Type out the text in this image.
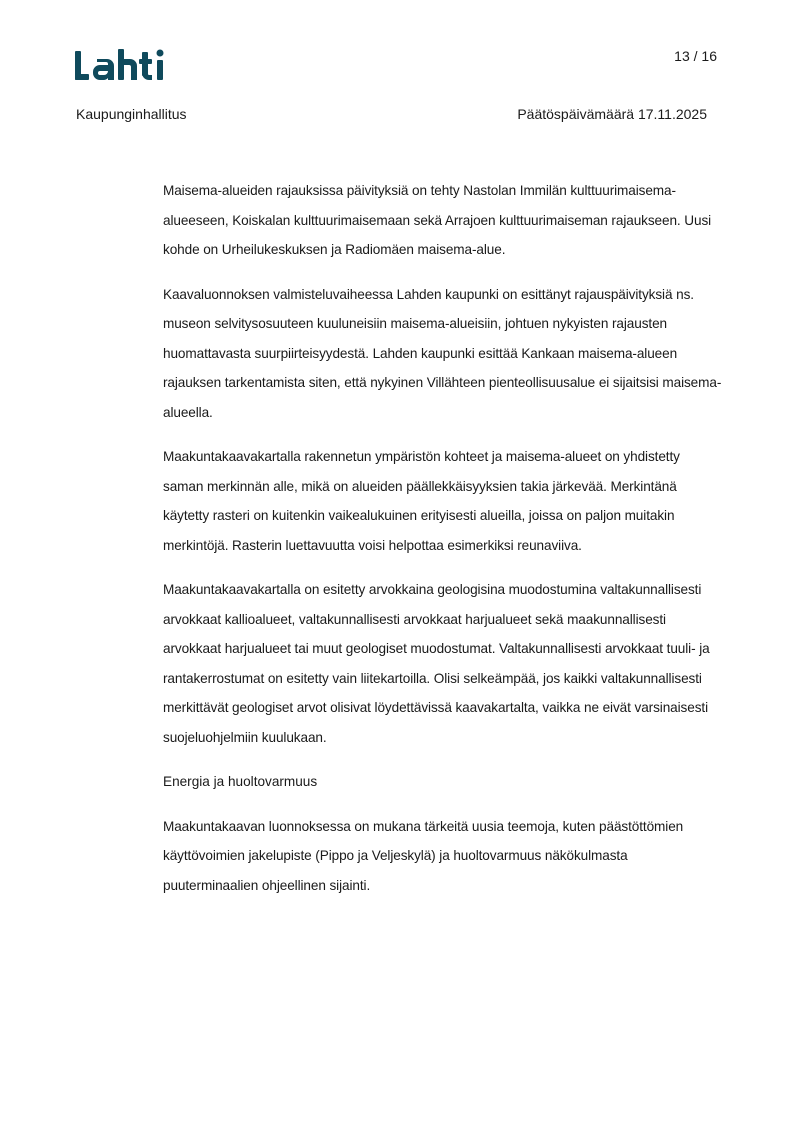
13 / 16
Kaupunginhallitus	Päätöspäivämäärä 17.11.2025

Maisema-alueiden rajauksissa päivityksiä on tehty Nastolan Immilän kulttuurimaisema-alueeseen, Koiskalan kulttuurimaisemaan sekä Arrajoen kulttuurimaiseman rajaukseen. Uusi kohde on Urheilukeskuksen ja Radiomäen maisema-alue.

Kaavaluonnoksen valmisteluvaiheessa Lahden kaupunki on esittänyt rajauspäivityksiä ns. museon selvitysosuuteen kuuluneisiin maisema-alueisiin, johtuen nykyisten rajausten huomattavasta suurpiirteisyydestä. Lahden kaupunki esittää Kankaan maisema-alueen rajauksen tarkentamista siten, että nykyinen Villähteen pienteollisuusalue ei sijaitsisi maisema-alueella.

Maakuntakaavakartalla rakennetun ympäristön kohteet ja maisema-alueet on yhdistetty saman merkinnän alle, mikä on alueiden päällekkäisyyksien takia järkevää. Merkintänä käytetty rasteri on kuitenkin vaikealukuinen erityisesti alueilla, joissa on paljon muitakin merkintöjä. Rasterin luettavuutta voisi helpottaa esimerkiksi reunaviiva.

Maakuntakaavakartalla on esitetty arvokkaina geologisina muodostumina valtakunnallisesti arvokkaat kallioalueet, valtakunnallisesti arvokkaat harjualueet sekä maakunnallisesti arvokkaat harjualueet tai muut geologiset muodostumat. Valtakunnallisesti arvokkaat tuuli- ja rantakerrostumat on esitetty vain liitekartoilla. Olisi selkeämpää, jos kaikki valtakunnallisesti merkittävät geologiset arvot olisivat löydettävissä kaavakartalta, vaikka ne eivät varsinaisesti suojeluohjelmiin kuulukaan.

Energia ja huoltovarmuus

Maakuntakaavan luonnoksessa on mukana tärkeitä uusia teemoja, kuten päästöttömien käyttövoimien jakelupiste (Pippo ja Veljeskylä) ja huoltovarmuus näkökulmasta puuterminaalien ohjeellinen sijainti.
